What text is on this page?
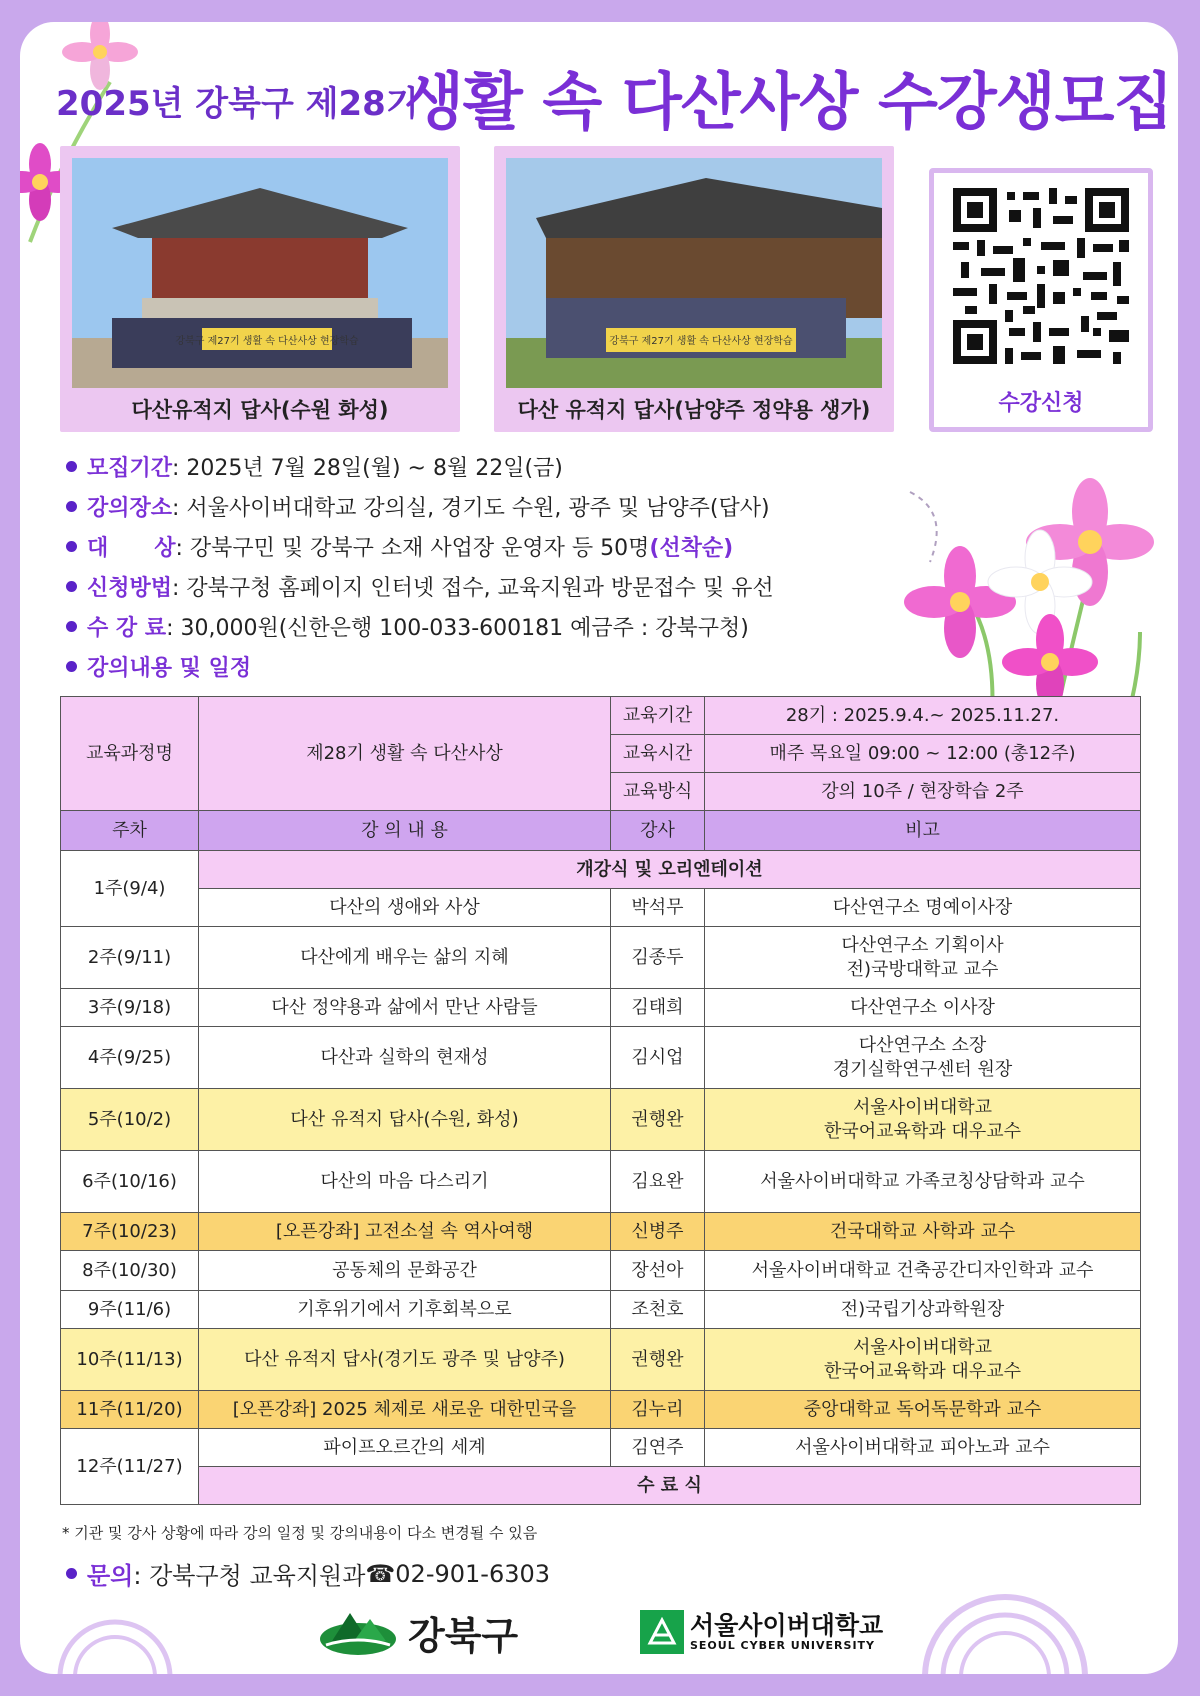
2025년 강북구 제28기
생활 속 다산사상 수강생모집
강북구 제27기 생활 속 다산사상 현장학습
다산유적지 답사(수원 화성)
강북구 제27기 생활 속 다산사상 현장학습
다산 유적지 답사(남양주 정약용 생가)	수강신청
모집기간 : 2025년 7월 28일(월) ~ 8월 22일(금)
강의장소 : 서울사이버대학교 강의실, 경기도 수원, 광주 및 남양주(답사)
대      상 : 강북구민 및 강북구 소재 사업장 운영자 등 50명 (선착순)
신청방법 : 강북구청 홈페이지 인터넷 접수, 교육지원과 방문접수 및 유선
수 강 료 : 30,000원(신한은행 100-033-600181 예금주 : 강북구청)
강의내용 및 일정
교육과정명	제28기 생활 속 다산사상	교육기간	28기 : 2025.9.4.~ 2025.11.27.
		교육시간	매주 목요일 09:00 ~ 12:00 (총12주)
		교육방식	강의 10주 / 현장학습 2주
주차	강 의 내 용	강사	비고
1주(9/4)	개강식 및 오리엔테이션		
	다산의 생애와 사상	박석무	다산연구소 명예이사장
2주(9/11)	다산에게 배우는 삶의 지혜	김종두	다산연구소 기획이사
전)국방대학교 교수

3주(9/18)	다산 정약용과 삶에서 만난 사람들	김태희	다산연구소 이사장
4주(9/25)	다산과 실학의 현재성	김시업	다산연구소 소장
경기실학연구센터 원장

5주(10/2)	다산 유적지 답사(수원, 화성)	권행완	서울사이버대학교
한국어교육학과 대우교수

6주(10/16)	다산의 마음 다스리기	김요완	서울사이버대학교 가족코칭상담학과 교수
7주(10/23)	[오픈강좌] 고전소설 속 역사여행	신병주	건국대학교 사학과 교수
8주(10/30)	공동체의 문화공간	장선아	서울사이버대학교 건축공간디자인학과 교수
9주(11/6)	기후위기에서 기후회복으로	조천호	전)국립기상과학원장
10주(11/13)	다산 유적지 답사(경기도 광주 및 남양주)	권행완	서울사이버대학교
한국어교육학과 대우교수

11주(11/20)	[오픈강좌] 2025 체제로 새로운 대한민국을	김누리	중앙대학교 독어독문학과 교수
12주(11/27)	파이프오르간의 세계	김연주	서울사이버대학교 피아노과 교수
	수 료 식		
* 기관 및 강사 상황에 따라 강의 일정 및 강의내용이 다소 변경될 수 있음
문의 : 강북구청 교육지원과 ☎ 02-901-6303
강북구	서울사이버대학교
SEOUL CYBER UNIVERSITY
